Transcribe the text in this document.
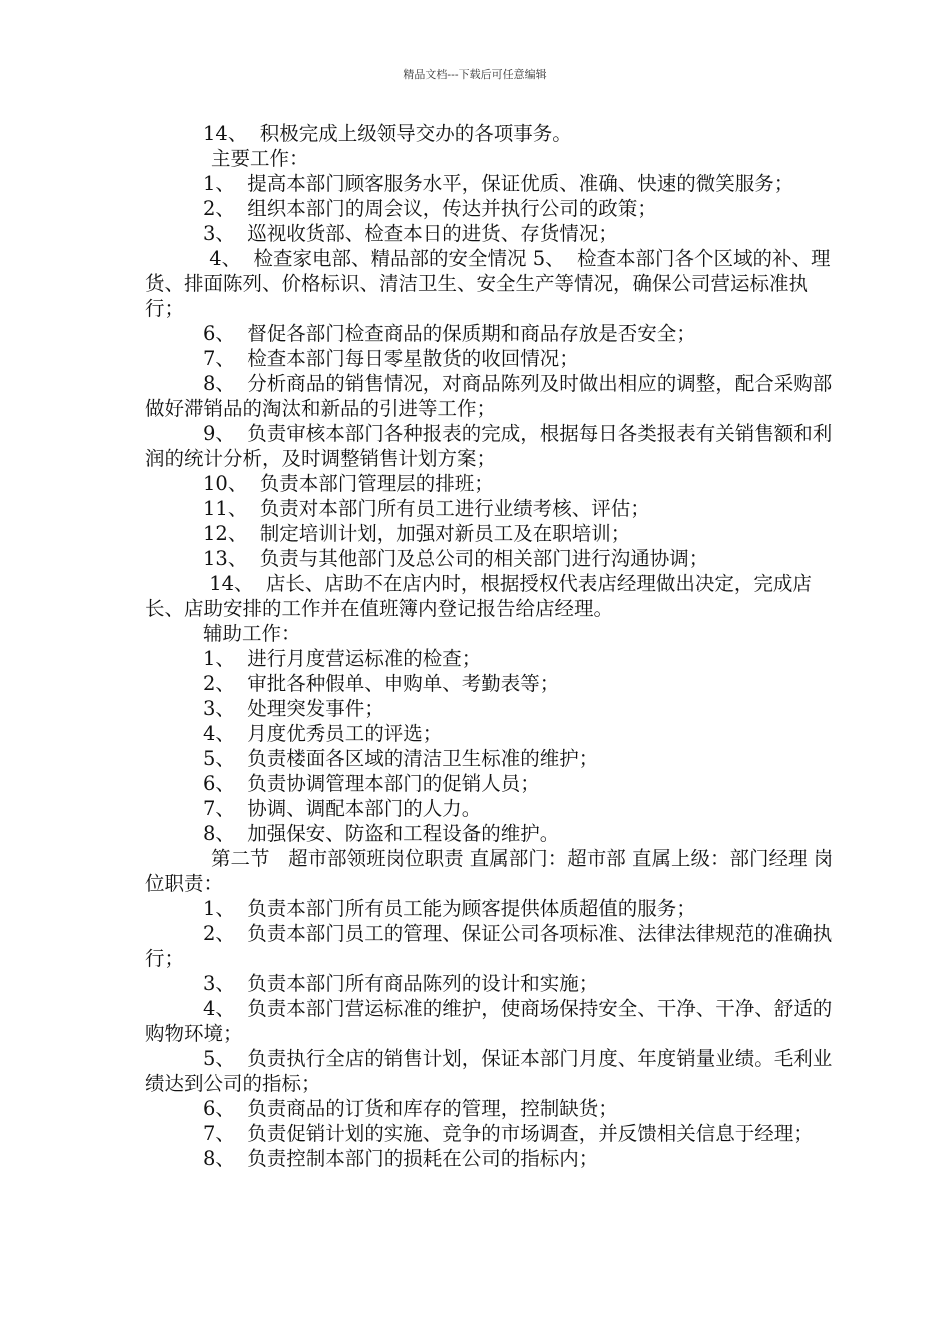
精品文档---下载后可任意编辑

14、  积极完成上级领导交办的各项事务。

主要工作：

1、  提高本部门顾客服务水平，保证优质、准确、快速的微笑服务；

2、  组织本部门的周会议，传达并执行公司的政策；

3、  巡视收货部、检查本日的进货、存货情况；

4、  检查家电部、精品部的安全情况 5、  检查本部门各个区域的补、理货、排面陈列、价格标识、清洁卫生、安全生产等情况，确保公司营运标准执行；

6、  督促各部门检查商品的保质期和商品存放是否安全；

7、  检查本部门每日零星散货的收回情况；

8、  分析商品的销售情况，对商品陈列及时做出相应的调整，配合采购部做好滞销品的淘汰和新品的引进等工作；

9、  负责审核本部门各种报表的完成，根据每日各类报表有关销售额和利润的统计分析，及时调整销售计划方案；

10、  负责本部门管理层的排班；

11、  负责对本部门所有员工进行业绩考核、评估；

12、  制定培训计划，加强对新员工及在职培训；

13、  负责与其他部门及总公司的相关部门进行沟通协调；

14、  店长、店助不在店内时，根据授权代表店经理做出决定，完成店长、店助安排的工作并在值班簿内登记报告给店经理。

辅助工作：

1、  进行月度营运标准的检查；

2、  审批各种假单、申购单、考勤表等；

3、  处理突发事件；

4、  月度优秀员工的评选；

5、  负责楼面各区域的清洁卫生标准的维护；

6、  负责协调管理本部门的促销人员；

7、  协调、调配本部门的人力。

8、  加强保安、防盗和工程设备的维护。

第二节   超市部领班岗位职责 直属部门：超市部 直属上级：部门经理 岗位职责：

1、  负责本部门所有员工能为顾客提供体质超值的服务；

2、  负责本部门员工的管理、保证公司各项标准、法律法律规范的准确执行；

3、  负责本部门所有商品陈列的设计和实施；

4、  负责本部门营运标准的维护，使商场保持安全、干净、干净、舒适的购物环境；

5、  负责执行全店的销售计划，保证本部门月度、年度销量业绩。毛利业绩达到公司的指标；

6、  负责商品的订货和库存的管理，控制缺货；

7、  负责促销计划的实施、竞争的市场调查，并反馈相关信息于经理；

8、  负责控制本部门的损耗在公司的指标内；
